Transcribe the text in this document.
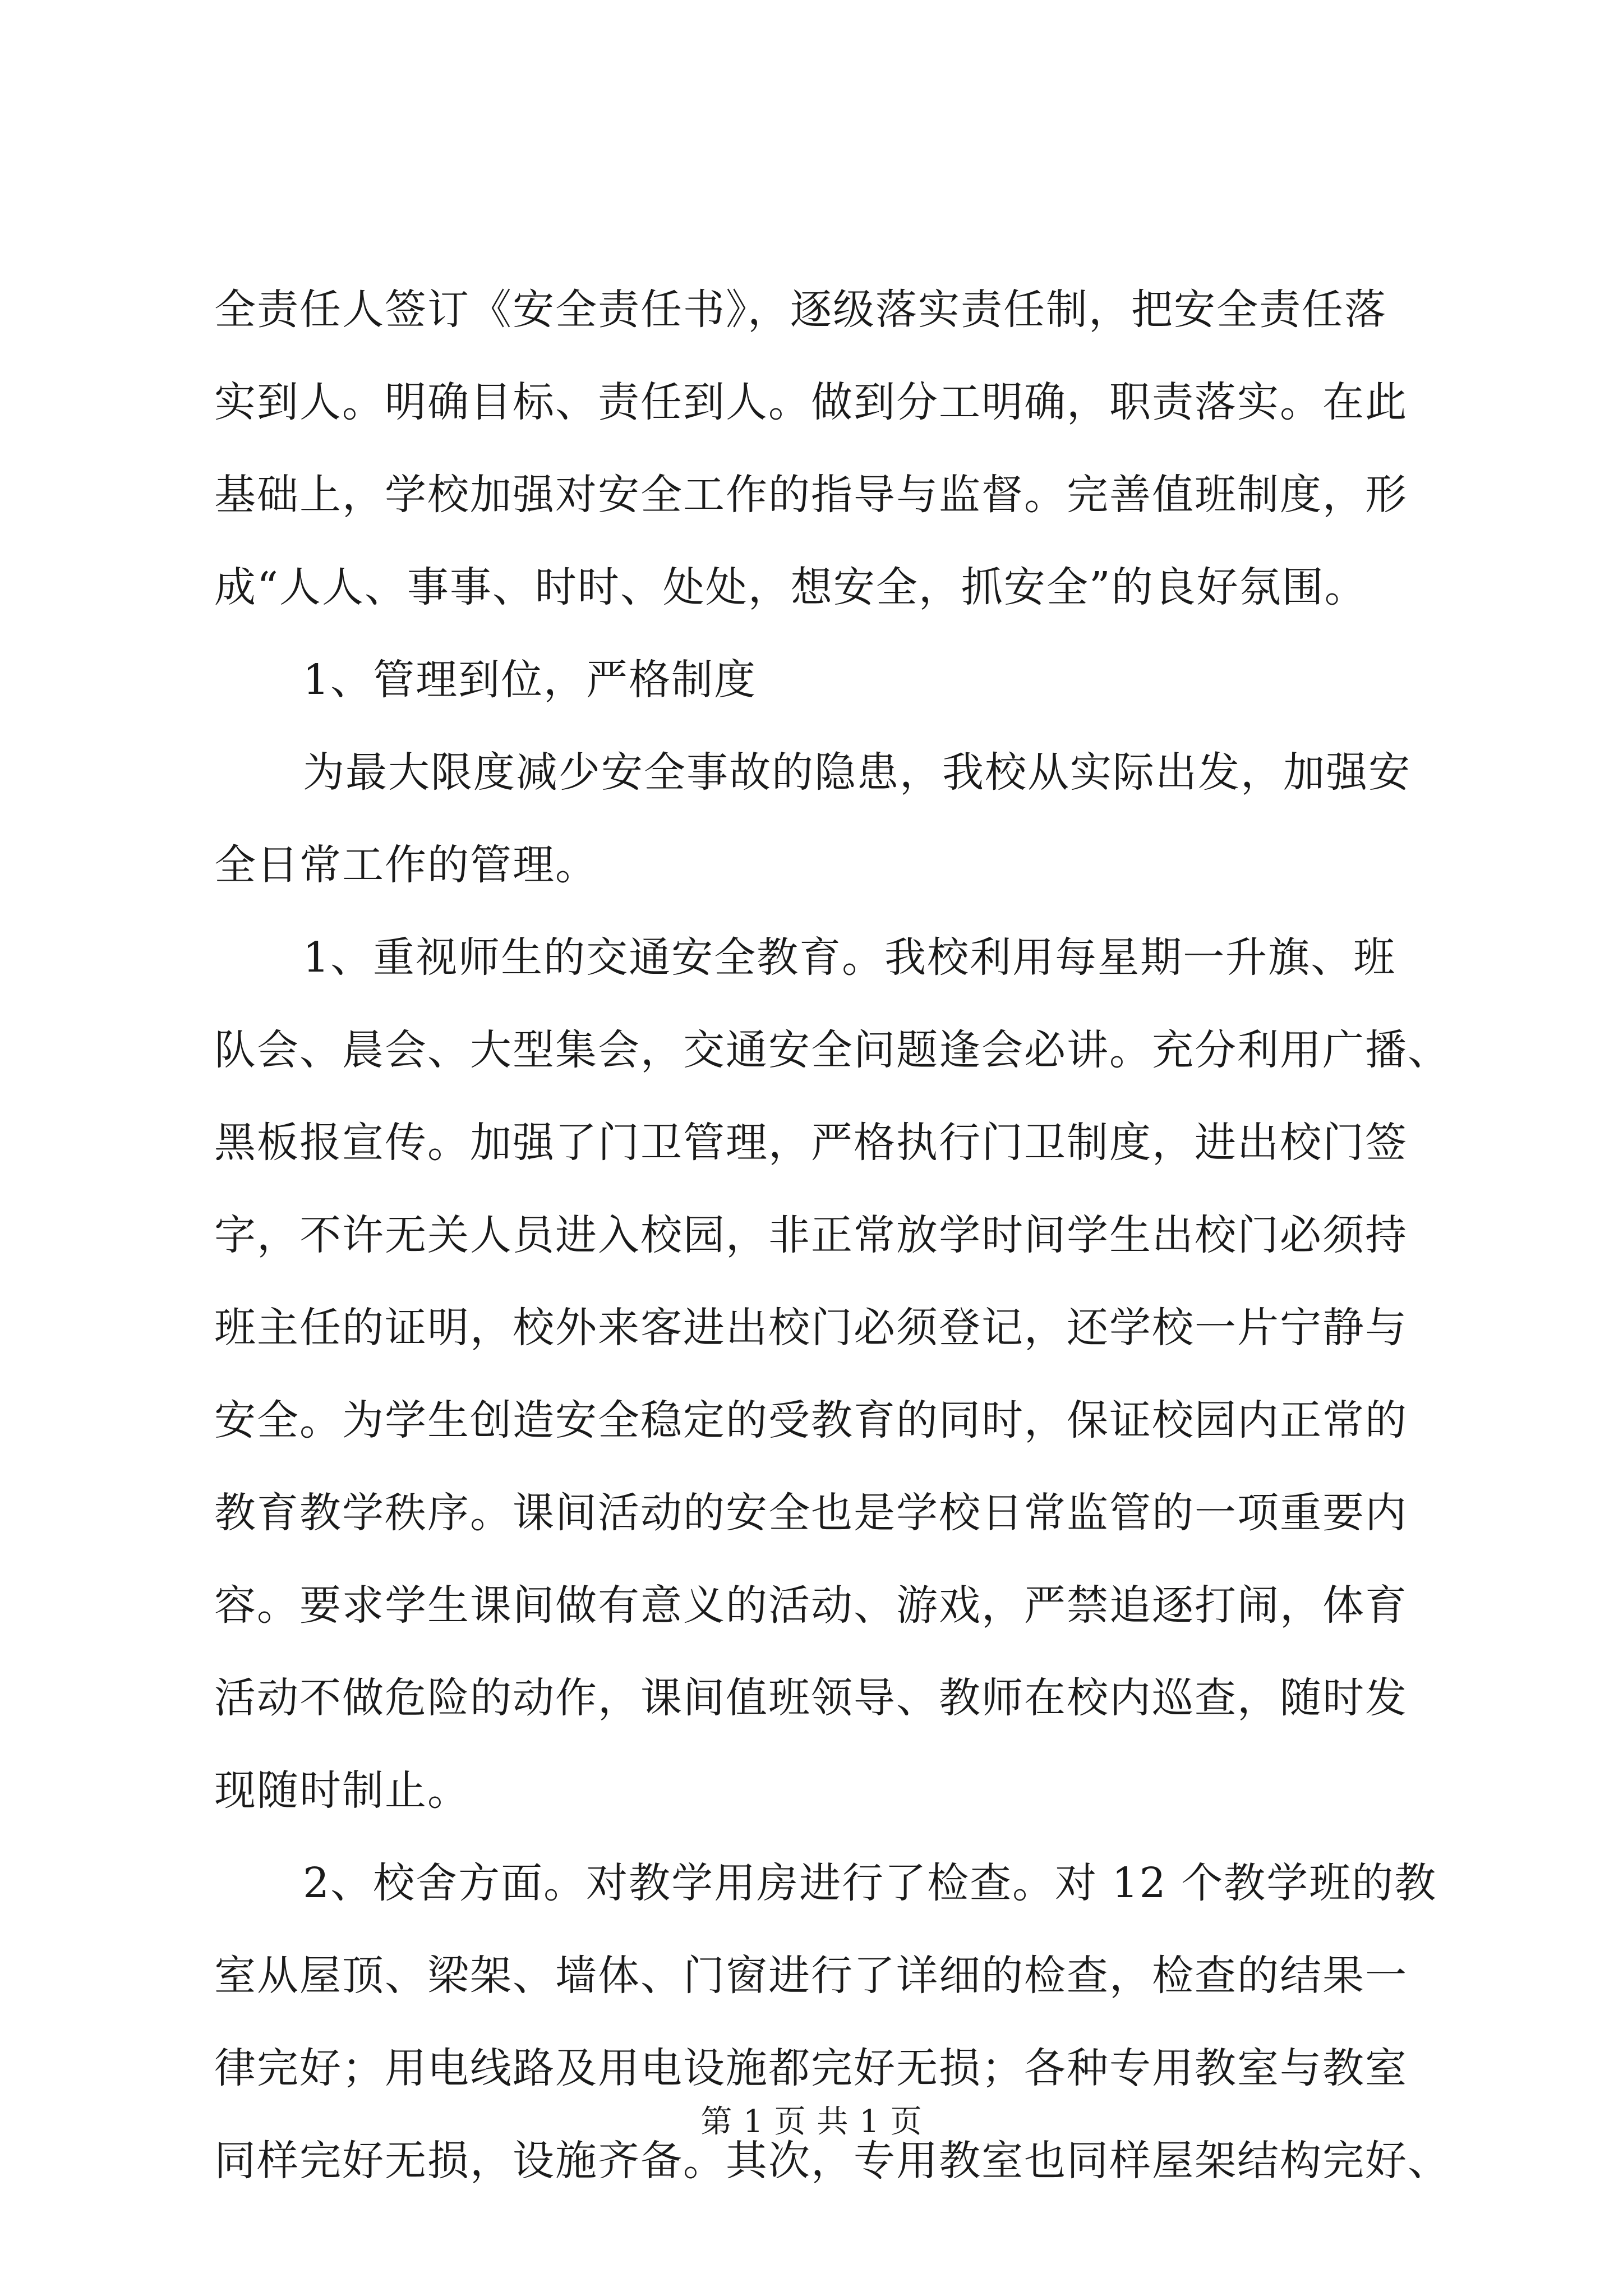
全责任人签订《安全责任书》，逐级落实责任制，把安全责任落
实到人。明确目标、责任到人。做到分工明确，职责落实。在此
基础上，学校加强对安全工作的指导与监督。完善值班制度，形
成“人人、事事、时时、处处，想安全，抓安全”的良好氛围。
1、管理到位，严格制度
为最大限度减少安全事故的隐患，我校从实际出发，加强安
全日常工作的管理。
1、重视师生的交通安全教育。我校利用每星期一升旗、班
队会、晨会、大型集会，交通安全问题逢会必讲。充分利用广播、
黑板报宣传。加强了门卫管理，严格执行门卫制度，进出校门签
字，不许无关人员进入校园，非正常放学时间学生出校门必须持
班主任的证明，校外来客进出校门必须登记，还学校一片宁静与
安全。为学生创造安全稳定的受教育的同时，保证校园内正常的
教育教学秩序。课间活动的安全也是学校日常监管的一项重要内
容。要求学生课间做有意义的活动、游戏，严禁追逐打闹，体育
活动不做危险的动作，课间值班领导、教师在校内巡查，随时发
现随时制止。
2、校舍方面。对教学用房进行了检查。对 12 个教学班的教
室从屋顶、梁架、墙体、门窗进行了详细的检查，检查的结果一
律完好；用电线路及用电设施都完好无损；各种专用教室与教室
同样完好无损，设施齐备。其次，专用教室也同样屋架结构完好、
第 1 页 共 1 页
